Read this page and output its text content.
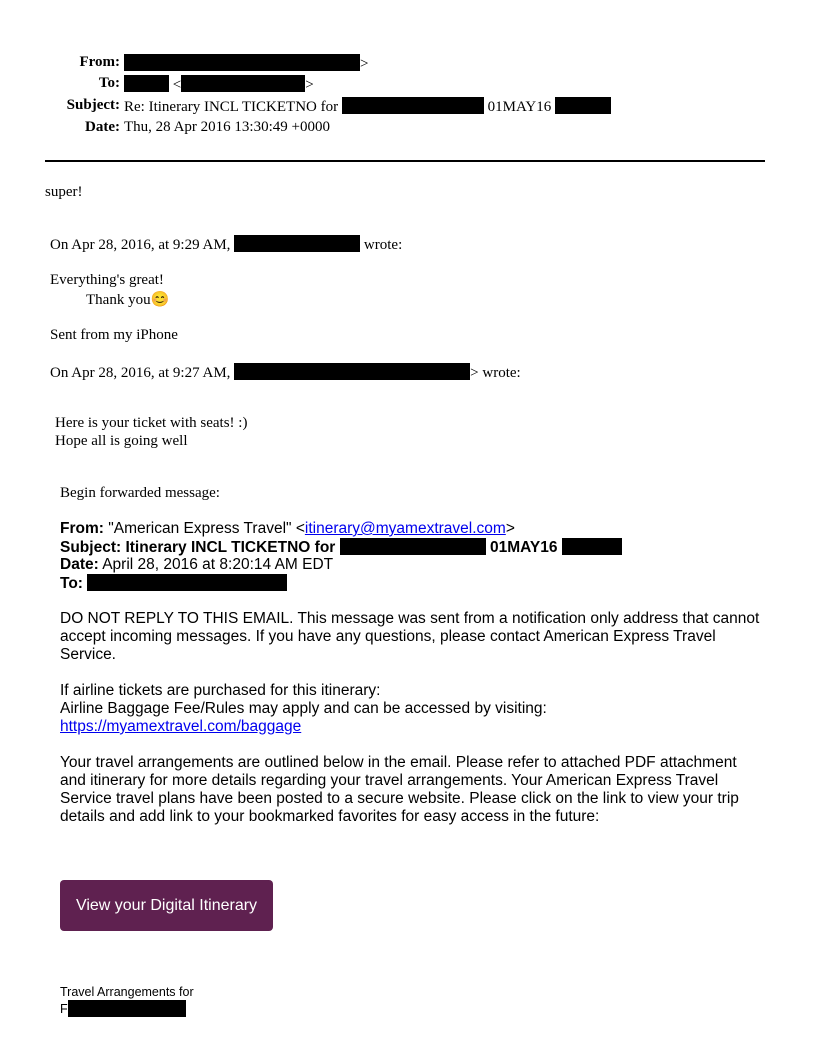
From:	>
To:	<	>
Subject: Re: Itinerary INCL TICKETNO for	01MAY16
Date: Thu, 28 Apr 2016 13:30:49 +0000
super!
On Apr 28, 2016, at 9:29 AM,	wrote:
Everything's great!
Thank you😊
Sent from my iPhone
On Apr 28, 2016, at 9:27 AM,	> wrote:
Here is your ticket with seats! :)
Hope all is going well
Begin forwarded message:
From: "American Express Travel" <itinerary@myamextravel.com>
Subject: Itinerary INCL TICKETNO for	01MAY16
Date: April 28, 2016 at 8:20:14 AM EDT
To:
DO NOT REPLY TO THIS EMAIL. This message was sent from a notification only address that cannot accept incoming messages. If you have any questions, please contact American Express Travel Service.
If airline tickets are purchased for this itinerary:
Airline Baggage Fee/Rules may apply and can be accessed by visiting:
https://myamextravel.com/baggage
Your travel arrangements are outlined below in the email. Please refer to attached PDF attachment and itinerary for more details regarding your travel arrangements. Your American Express Travel Service travel plans have been posted to a secure website. Please click on the link to view your trip details and add link to your bookmarked favorites for easy access in the future:
View your Digital Itinerary
Travel Arrangements for
F
